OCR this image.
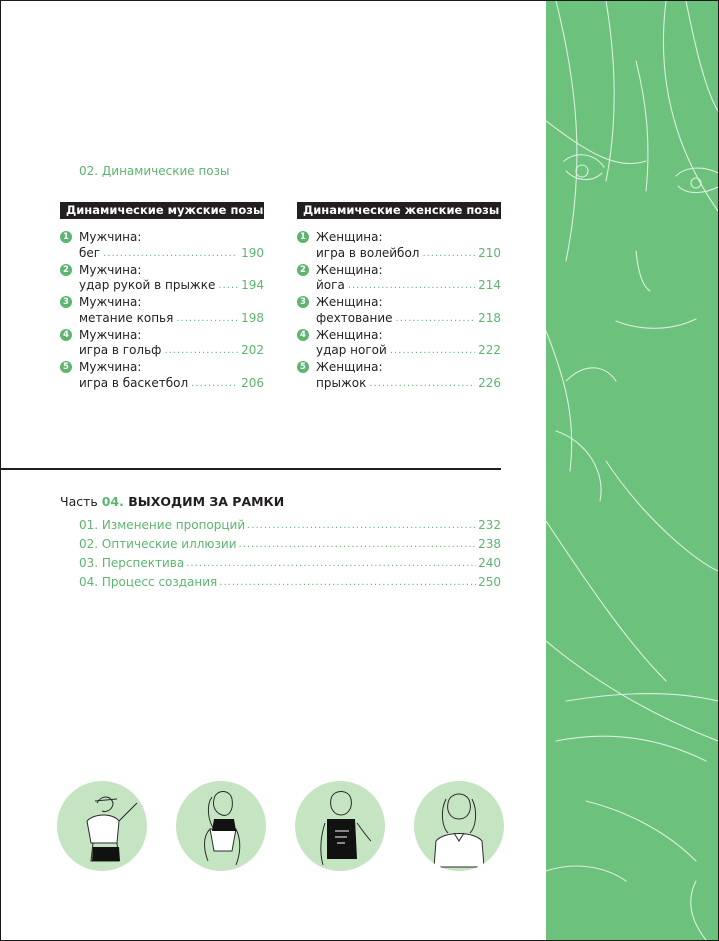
02. Динамические позы
Динамические мужские позы
1 Мужчина:
бег .....	190
2 Мужчина:
удар рукой в прыжке ..... 194
3 Мужчина:
метание копья .....	198
4 Мужчина:
игра в гольф .....	202
5 Мужчина:
игра в баскетбол .....	206
Динамические женские позы
1 Женщина:
игра в волейбол .....	210
2 Женщина:
йога .....	214
3 Женщина:
фехтование .....	218
4 Женщина:
удар ногой .....	222
5 Женщина:
прыжок .....	226
Часть 04. ВЫХОДИМ ЗА РАМКИ
01. Изменение пропорций .....	232
02. Оптические иллюзии .....	238
03. Перспектива .....	240
04. Процесс создания .....	250
